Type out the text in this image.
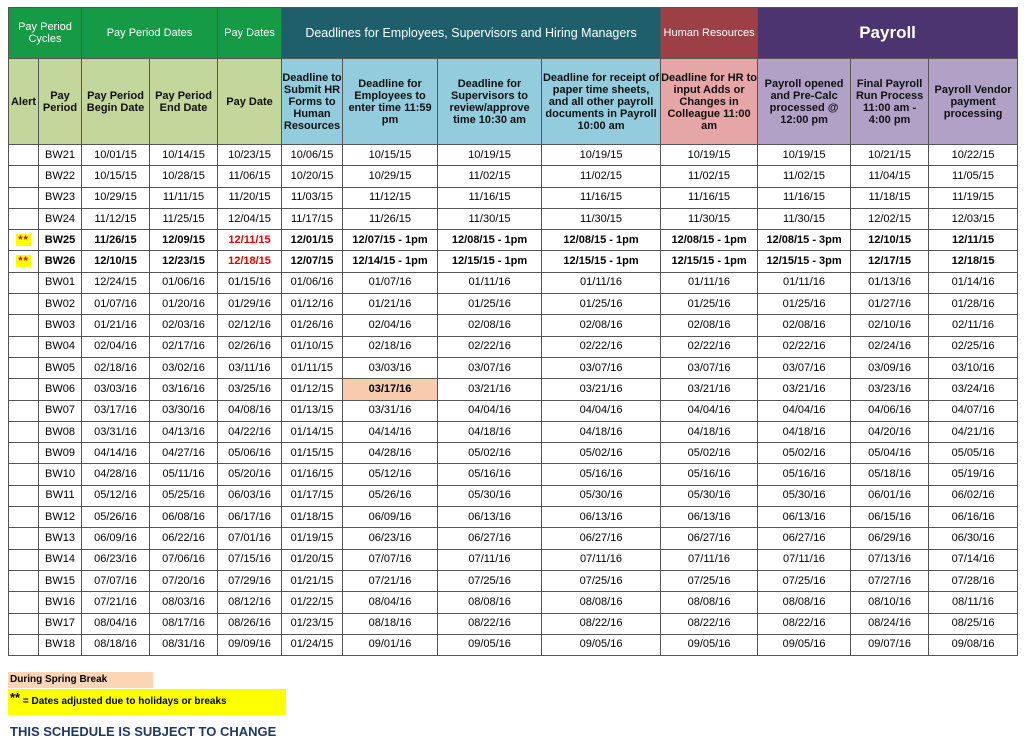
Pay Period Cycles		Pay Period Dates		Pay Dates	Deadlines for Employees, Supervisors and Hiring Managers				Human Resources	Payroll		
Alert	Pay Period	Pay Period Begin Date	Pay Period End Date	Pay Date	Deadline to Submit HR Forms to Human Resources	Deadline for Employees to enter time 11:59 pm	Deadline for Supervisors to review/approve time 10:30 am	Deadline for receipt of paper time sheets, and all other payroll documents in Payroll 10:00 am	Deadline for HR to input Adds or Changes in Colleague 11:00 am	Payroll opened and Pre-Calc processed @ 12:00 pm	Final Payroll Run Process 11:00 am - 4:00 pm	Payroll Vendor payment processing
	BW21	10/01/15	10/14/15	10/23/15	10/06/15	10/15/15	10/19/15	10/19/15	10/19/15	10/19/15	10/21/15	10/22/15
	BW22	10/15/15	10/28/15	11/06/15	10/20/15	10/29/15	11/02/15	11/02/15	11/02/15	11/02/15	11/04/15	11/05/15
	BW23	10/29/15	11/11/15	11/20/15	11/03/15	11/12/15	11/16/15	11/16/15	11/16/15	11/16/15	11/18/15	11/19/15
	BW24	11/12/15	11/25/15	12/04/15	11/17/15	11/26/15	11/30/15	11/30/15	11/30/15	11/30/15	12/02/15	12/03/15
**	BW25	11/26/15	12/09/15	12/11/15	12/01/15	12/07/15 - 1pm	12/08/15 - 1pm	12/08/15 - 1pm	12/08/15 - 1pm	12/08/15 - 3pm	12/10/15	12/11/15
**	BW26	12/10/15	12/23/15	12/18/15	12/07/15	12/14/15 - 1pm	12/15/15 - 1pm	12/15/15 - 1pm	12/15/15 - 1pm	12/15/15 - 3pm	12/17/15	12/18/15
	BW01	12/24/15	01/06/16	01/15/16	01/06/16	01/07/16	01/11/16	01/11/16	01/11/16	01/11/16	01/13/16	01/14/16
	BW02	01/07/16	01/20/16	01/29/16	01/12/16	01/21/16	01/25/16	01/25/16	01/25/16	01/25/16	01/27/16	01/28/16
	BW03	01/21/16	02/03/16	02/12/16	01/26/16	02/04/16	02/08/16	02/08/16	02/08/16	02/08/16	02/10/16	02/11/16
	BW04	02/04/16	02/17/16	02/26/16	01/10/15	02/18/16	02/22/16	02/22/16	02/22/16	02/22/16	02/24/16	02/25/16
	BW05	02/18/16	03/02/16	03/11/16	01/11/15	03/03/16	03/07/16	03/07/16	03/07/16	03/07/16	03/09/16	03/10/16
	BW06	03/03/16	03/16/16	03/25/16	01/12/15	03/17/16	03/21/16	03/21/16	03/21/16	03/21/16	03/23/16	03/24/16
	BW07	03/17/16	03/30/16	04/08/16	01/13/15	03/31/16	04/04/16	04/04/16	04/04/16	04/04/16	04/06/16	04/07/16
	BW08	03/31/16	04/13/16	04/22/16	01/14/15	04/14/16	04/18/16	04/18/16	04/18/16	04/18/16	04/20/16	04/21/16
	BW09	04/14/16	04/27/16	05/06/16	01/15/15	04/28/16	05/02/16	05/02/16	05/02/16	05/02/16	05/04/16	05/05/16
	BW10	04/28/16	05/11/16	05/20/16	01/16/15	05/12/16	05/16/16	05/16/16	05/16/16	05/16/16	05/18/16	05/19/16
	BW11	05/12/16	05/25/16	06/03/16	01/17/15	05/26/16	05/30/16	05/30/16	05/30/16	05/30/16	06/01/16	06/02/16
	BW12	05/26/16	06/08/16	06/17/16	01/18/15	06/09/16	06/13/16	06/13/16	06/13/16	06/13/16	06/15/16	06/16/16
	BW13	06/09/16	06/22/16	07/01/16	01/19/15	06/23/16	06/27/16	06/27/16	06/27/16	06/27/16	06/29/16	06/30/16
	BW14	06/23/16	07/06/16	07/15/16	01/20/15	07/07/16	07/11/16	07/11/16	07/11/16	07/11/16	07/13/16	07/14/16
	BW15	07/07/16	07/20/16	07/29/16	01/21/15	07/21/16	07/25/16	07/25/16	07/25/16	07/25/16	07/27/16	07/28/16
	BW16	07/21/16	08/03/16	08/12/16	01/22/15	08/04/16	08/08/16	08/08/16	08/08/16	08/08/16	08/10/16	08/11/16
	BW17	08/04/16	08/17/16	08/26/16	01/23/15	08/18/16	08/22/16	08/22/16	08/22/16	08/22/16	08/24/16	08/25/16
	BW18	08/18/16	08/31/16	09/09/16	01/24/15	09/01/16	09/05/16	09/05/16	09/05/16	09/05/16	09/07/16	09/08/16
During Spring Break
** = Dates adjusted due to holidays or breaks
THIS SCHEDULE IS SUBJECT TO CHANGE
